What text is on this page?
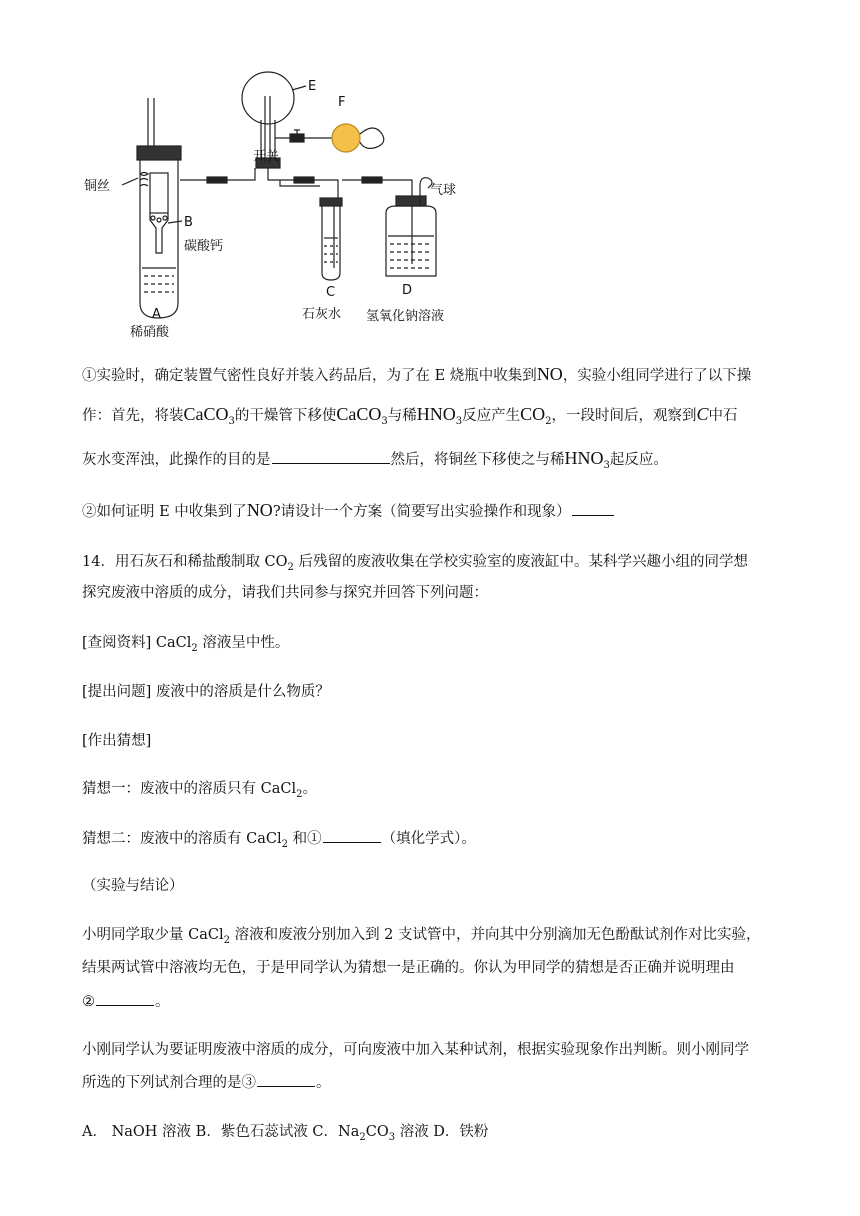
E
F
开关
气球
铜丝
B
碳酸钙
A
稀硝酸
C
石灰水
D
氢氧化钠溶液
①实验时，确定装置气密性良好并装入药品后，为了在 E 烧瓶中收集到NO，实验小组同学进行了以下操
作：首先，将装CaCO$_3$的干燥管下移使CaCO$_3$与稀$HNO_3$反应产生$CO_2$，一段时间后，观察到C中石
灰水变浑浊，此操作的目的是	然后，将铜丝下移使之与稀$HNO_3$起反应。
②如何证明 E 中收集到了NO?请设计一个方案（简要写出实验操作和现象）
14．用石灰石和稀盐酸制取 $CO_2$ 后残留的废液收集在学校实验室的废液缸中。某科学兴趣小组的同学想
探究废液中溶质的成分，请我们共同参与探究并回答下列问题：
[查阅资料] CaCl$_2$ 溶液呈中性。
[提出问题] 废液中的溶质是什么物质？
[作出猜想]
猜想一：废液中的溶质只有 CaCl$_2$。
猜想二：废液中的溶质有 CaCl$_2$ 和①	（填化学式）。
（实验与结论）
小明同学取少量 CaCl$_2$ 溶液和废液分别加入到 2 支试管中，并向其中分别滴加无色酚酞试剂作对比实验，
结果两试管中溶液均无色，于是甲同学认为猜想一是正确的。你认为甲同学的猜想是否正确并说明理由
②	。
小刚同学认为要证明废液中溶质的成分，可向废液中加入某种试剂，根据实验现象作出判断。则小刚同学
所选的下列试剂合理的是③	。
A． NaOH 溶液 B．紫色石蕊试液 C．$Na_2CO_3$ 溶液 D．铁粉
